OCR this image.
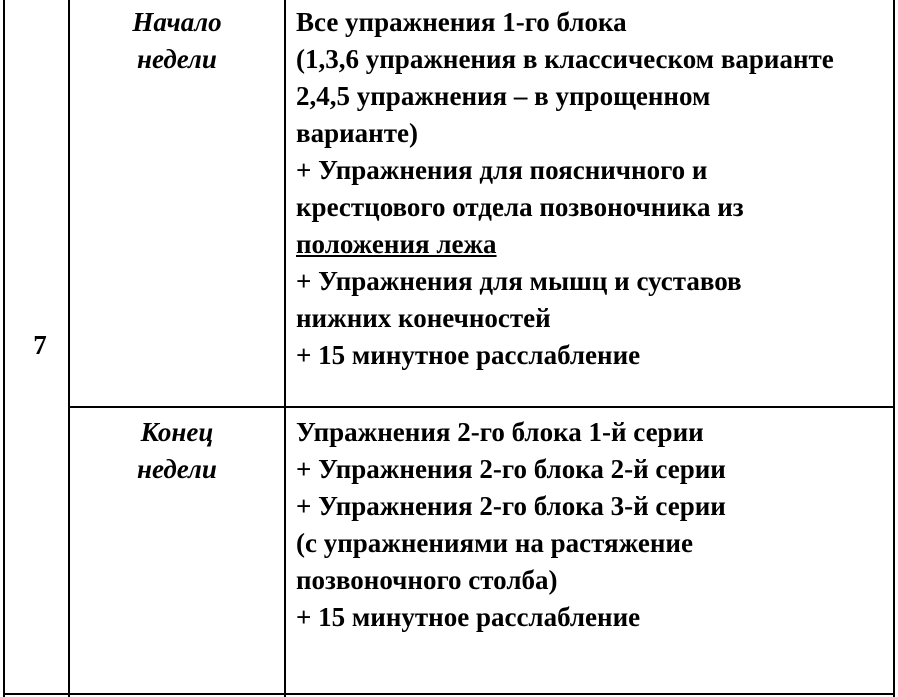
7
Начало
недели
Все упражнения 1-го блока
(1,3,6 упражнения в классическом варианте
2,4,5 упражнения – в упрощенном
варианте)
+ Упражнения для поясничного и
крестцового отдела позвоночника из
положения лежа
+ Упражнения для мышц и суставов
нижних конечностей
+ 15 минутное расслабление
Конец
недели
Упражнения 2-го блока 1-й серии
+ Упражнения 2-го блока 2-й серии
+ Упражнения 2-го блока 3-й серии
(с упражнениями на растяжение
позвоночного столба)
+ 15 минутное расслабление
